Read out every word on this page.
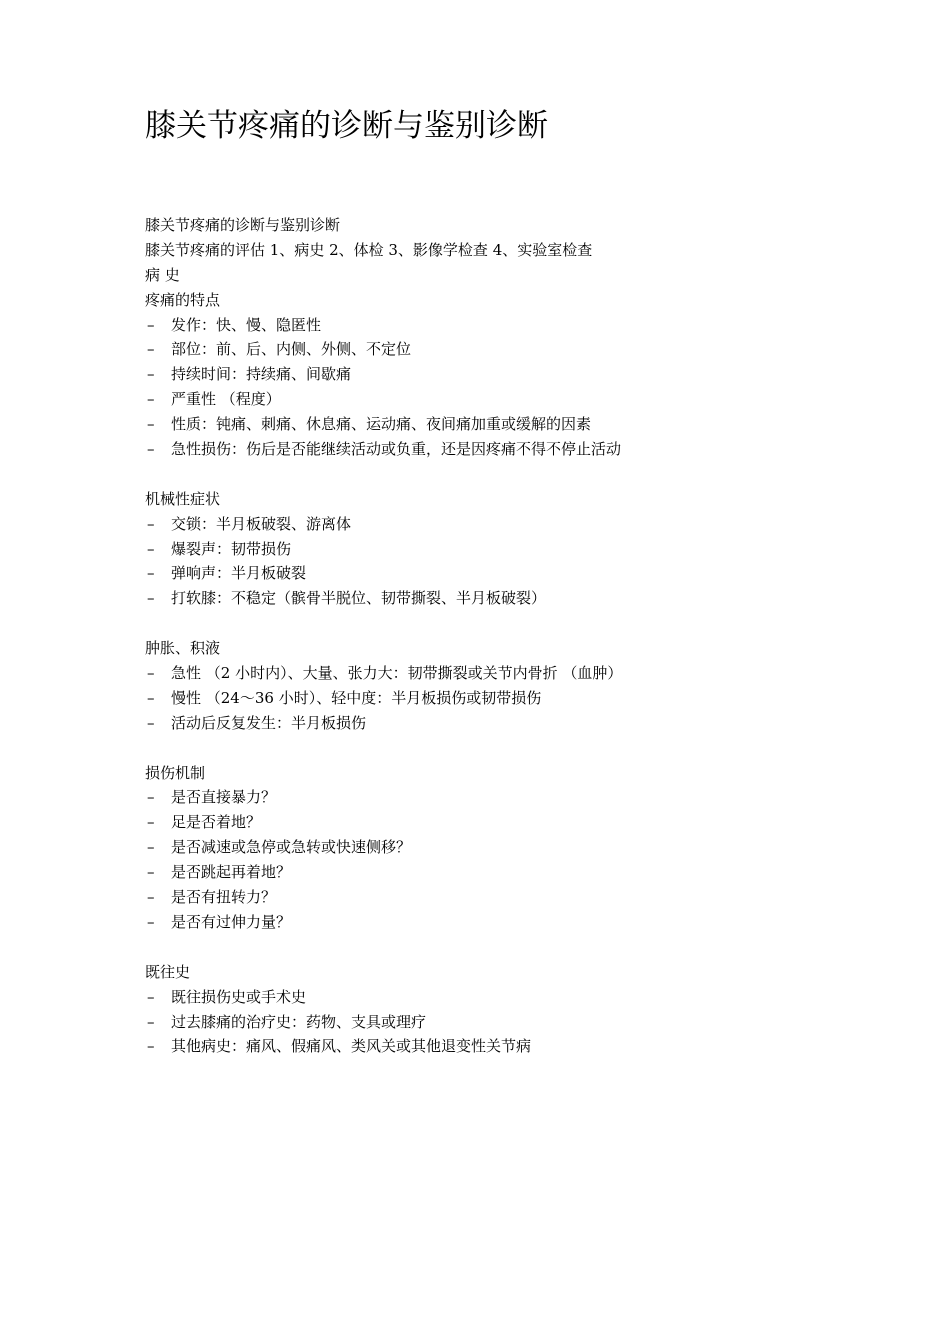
膝关节疼痛的诊断与鉴别诊断
膝关节疼痛的诊断与鉴别诊断
膝关节疼痛的评估 1、病史 2、体检 3、影像学检查 4、实验室检查
病 史
疼痛的特点
– 发作：快、慢、隐匿性
– 部位：前、后、内侧、外侧、不定位
– 持续时间：持续痛、间歇痛
– 严重性 （程度）
– 性质：钝痛、刺痛、休息痛、运动痛、夜间痛加重或缓解的因素
– 急性损伤：伤后是否能继续活动或负重，还是因疼痛不得不停止活动
机械性症状
– 交锁：半月板破裂、游离体
– 爆裂声：韧带损伤
– 弹响声：半月板破裂
– 打软膝：不稳定（髌骨半脱位、韧带撕裂、半月板破裂）
肿胀、积液
– 急性 （2 小时内）、大量、张力大：韧带撕裂或关节内骨折 （血肿）
– 慢性 （24～36 小时）、轻中度：半月板损伤或韧带损伤
– 活动后反复发生：半月板损伤
损伤机制
– 是否直接暴力？
– 足是否着地？
– 是否减速或急停或急转或快速侧移？
– 是否跳起再着地？
– 是否有扭转力？
– 是否有过伸力量？
既往史
– 既往损伤史或手术史
– 过去膝痛的治疗史：药物、支具或理疗
– 其他病史：痛风、假痛风、类风关或其他退变性关节病
